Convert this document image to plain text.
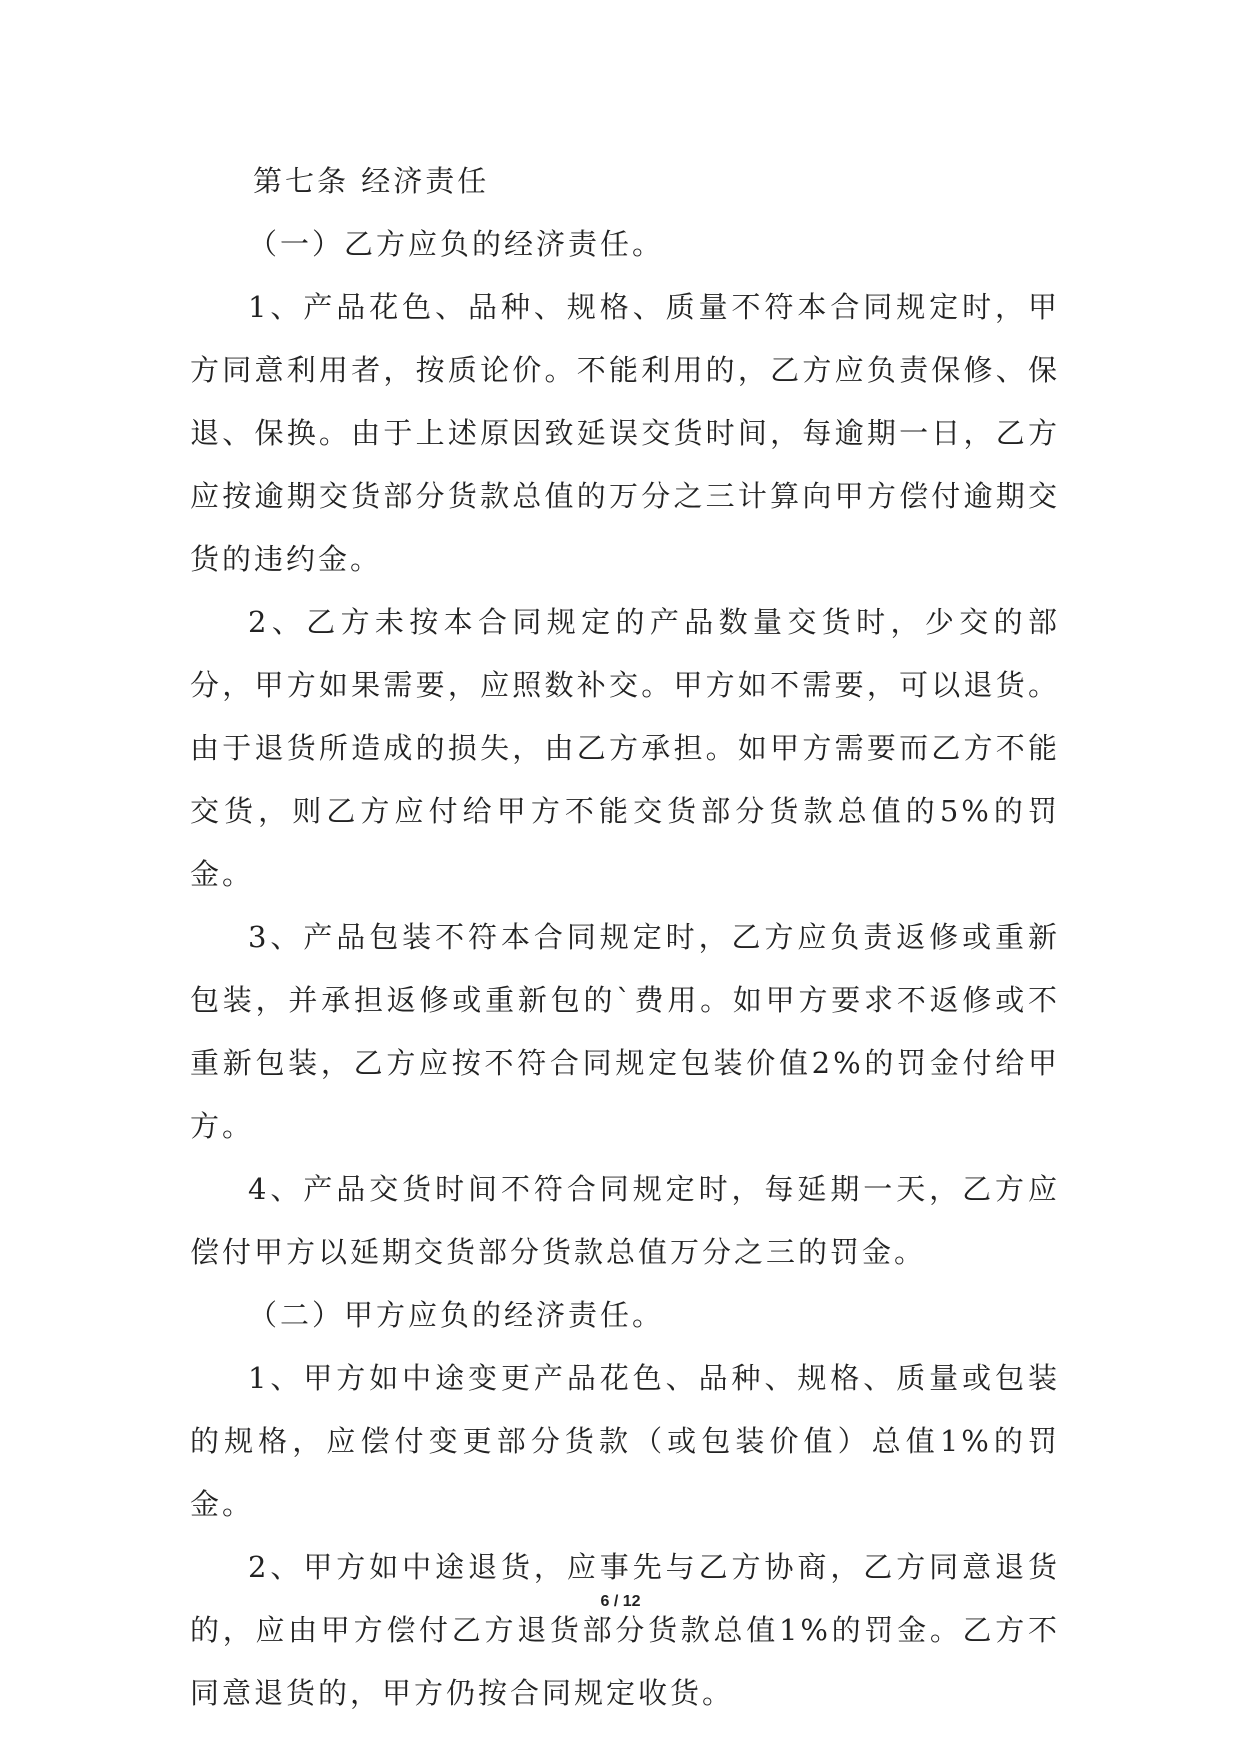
第七条 经济责任

（一）乙方应负的经济责任。

1、产品花色、品种、规格、质量不符本合同规定时，甲方同意利用者，按质论价。不能利用的，乙方应负责保修、保退、保换。由于上述原因致延误交货时间，每逾期一日，乙方应按逾期交货部分货款总值的万分之三计算向甲方偿付逾期交货的违约金。

2、乙方未按本合同规定的产品数量交货时，少交的部分，甲方如果需要，应照数补交。甲方如不需要，可以退货。由于退货所造成的损失，由乙方承担。如甲方需要而乙方不能交货，则乙方应付给甲方不能交货部分货款总值的5%的罚金。

3、产品包装不符本合同规定时，乙方应负责返修或重新包装，并承担返修或重新包的`费用。如甲方要求不返修或不重新包装，乙方应按不符合同规定包装价值2%的罚金付给甲方。

4、产品交货时间不符合同规定时，每延期一天，乙方应偿付甲方以延期交货部分货款总值万分之三的罚金。

（二）甲方应负的经济责任。

1、甲方如中途变更产品花色、品种、规格、质量或包装的规格，应偿付变更部分货款（或包装价值）总值1%的罚金。

2、甲方如中途退货，应事先与乙方协商，乙方同意退货的，应由甲方偿付乙方退货部分货款总值1%的罚金。乙方不同意退货的，甲方仍按合同规定收货。

6 / 12
